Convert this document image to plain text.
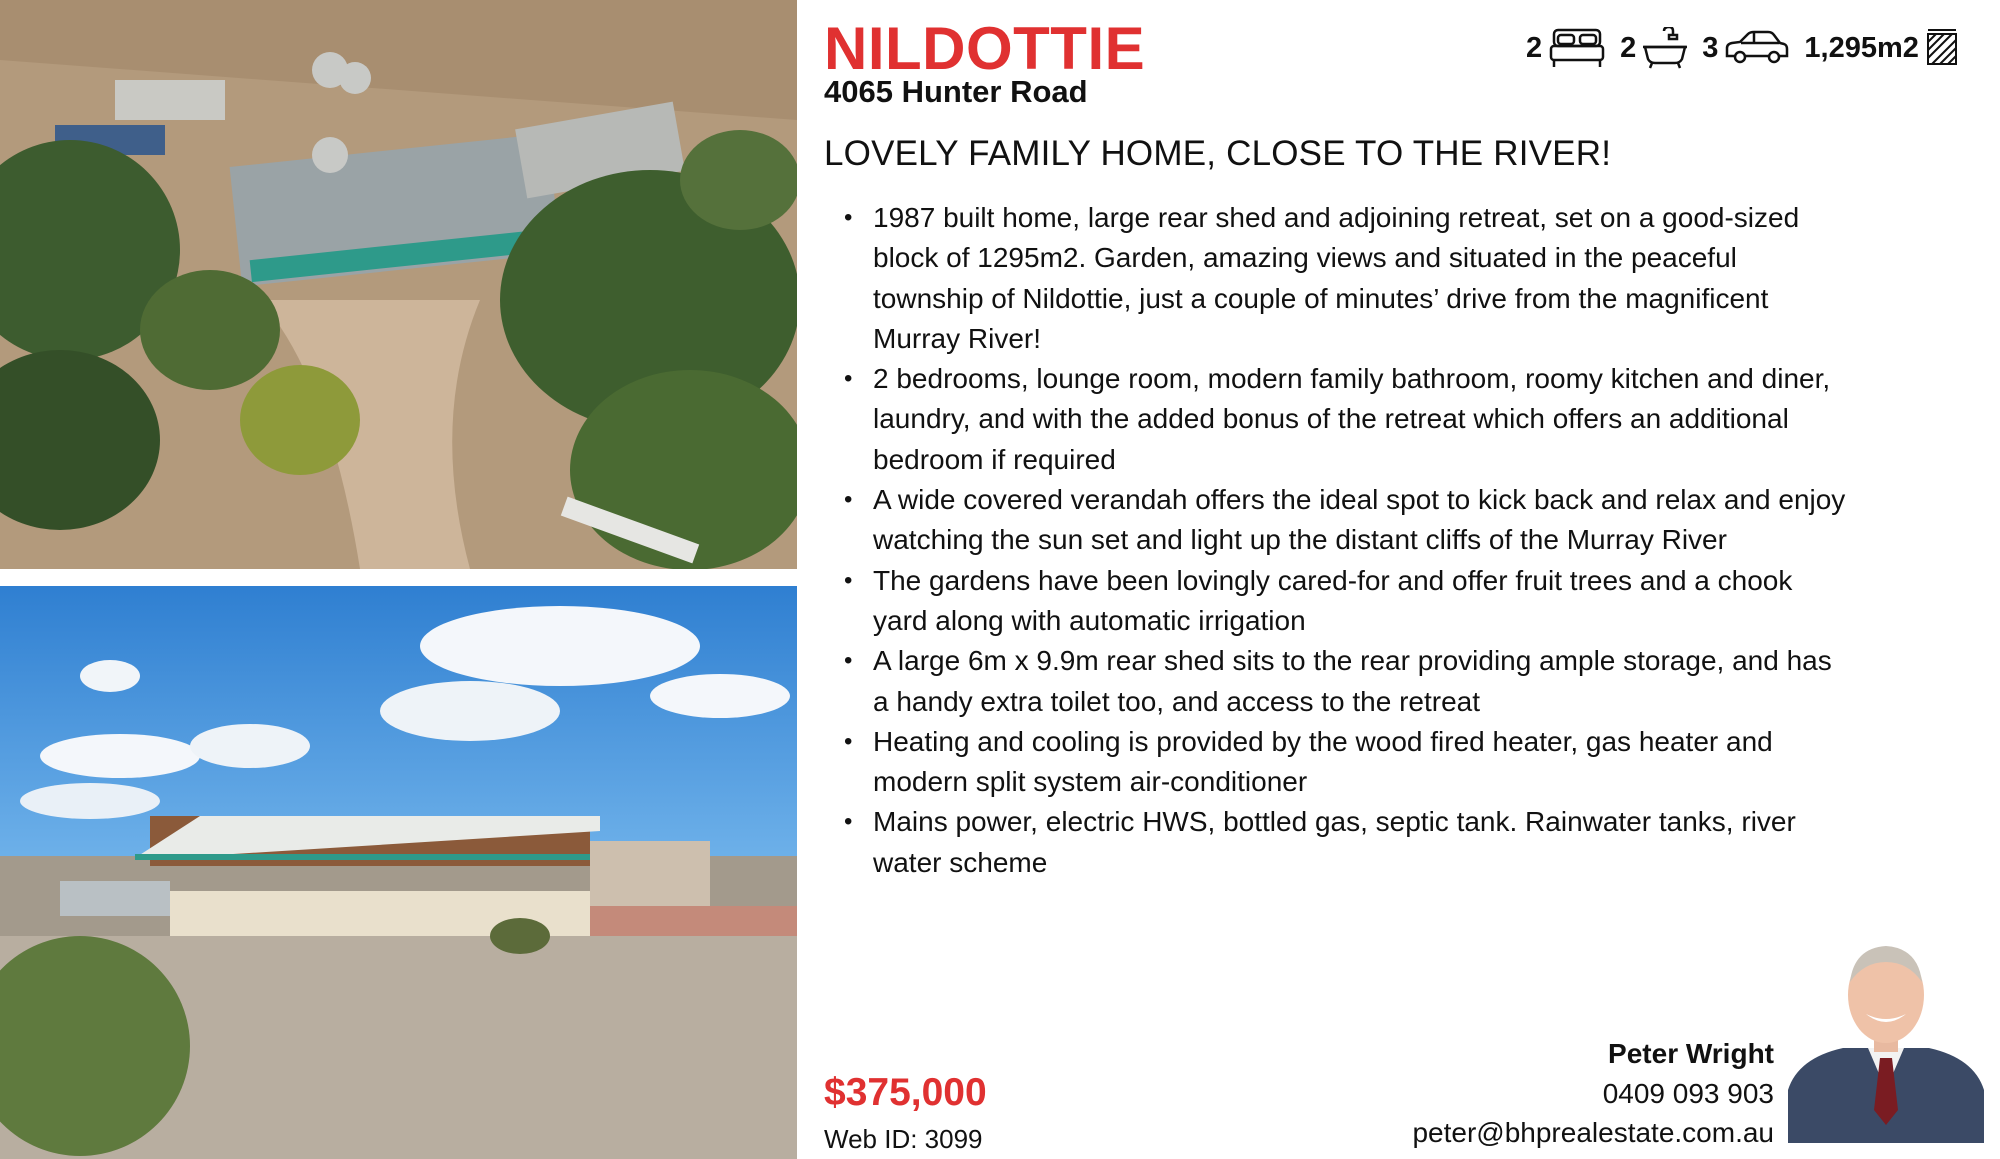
NILDOTTIE
4065 Hunter Road
2	2 3	1,295m2
LOVELY FAMILY HOME, CLOSE TO THE RIVER!
• 1987 built home, large rear shed and adjoining retreat, set on a good-sized block of 1295m2. Garden, amazing views and situated in the peaceful township of Nildottie, just a couple of minutes’ drive from the magnificent Murray River!
• 2 bedrooms, lounge room, modern family bathroom, roomy kitchen and diner, laundry, and with the added bonus of the retreat which offers an additional bedroom if required
• A wide covered verandah offers the ideal spot to kick back and relax and enjoy watching the sun set and light up the distant cliffs of the Murray River
• The gardens have been lovingly cared-for and offer fruit trees and a chook yard along with automatic irrigation
• A large 6m x 9.9m rear shed sits to the rear providing ample storage, and has a handy extra toilet too, and access to the retreat
• Heating and cooling is provided by the wood fired heater, gas heater and modern split system air-conditioner
• Mains power, electric HWS, bottled gas, septic tank. Rainwater tanks, river water scheme
$375,000
Web ID: 3099
Peter Wright
0409 093 903
peter@bhprealestate.com.au
